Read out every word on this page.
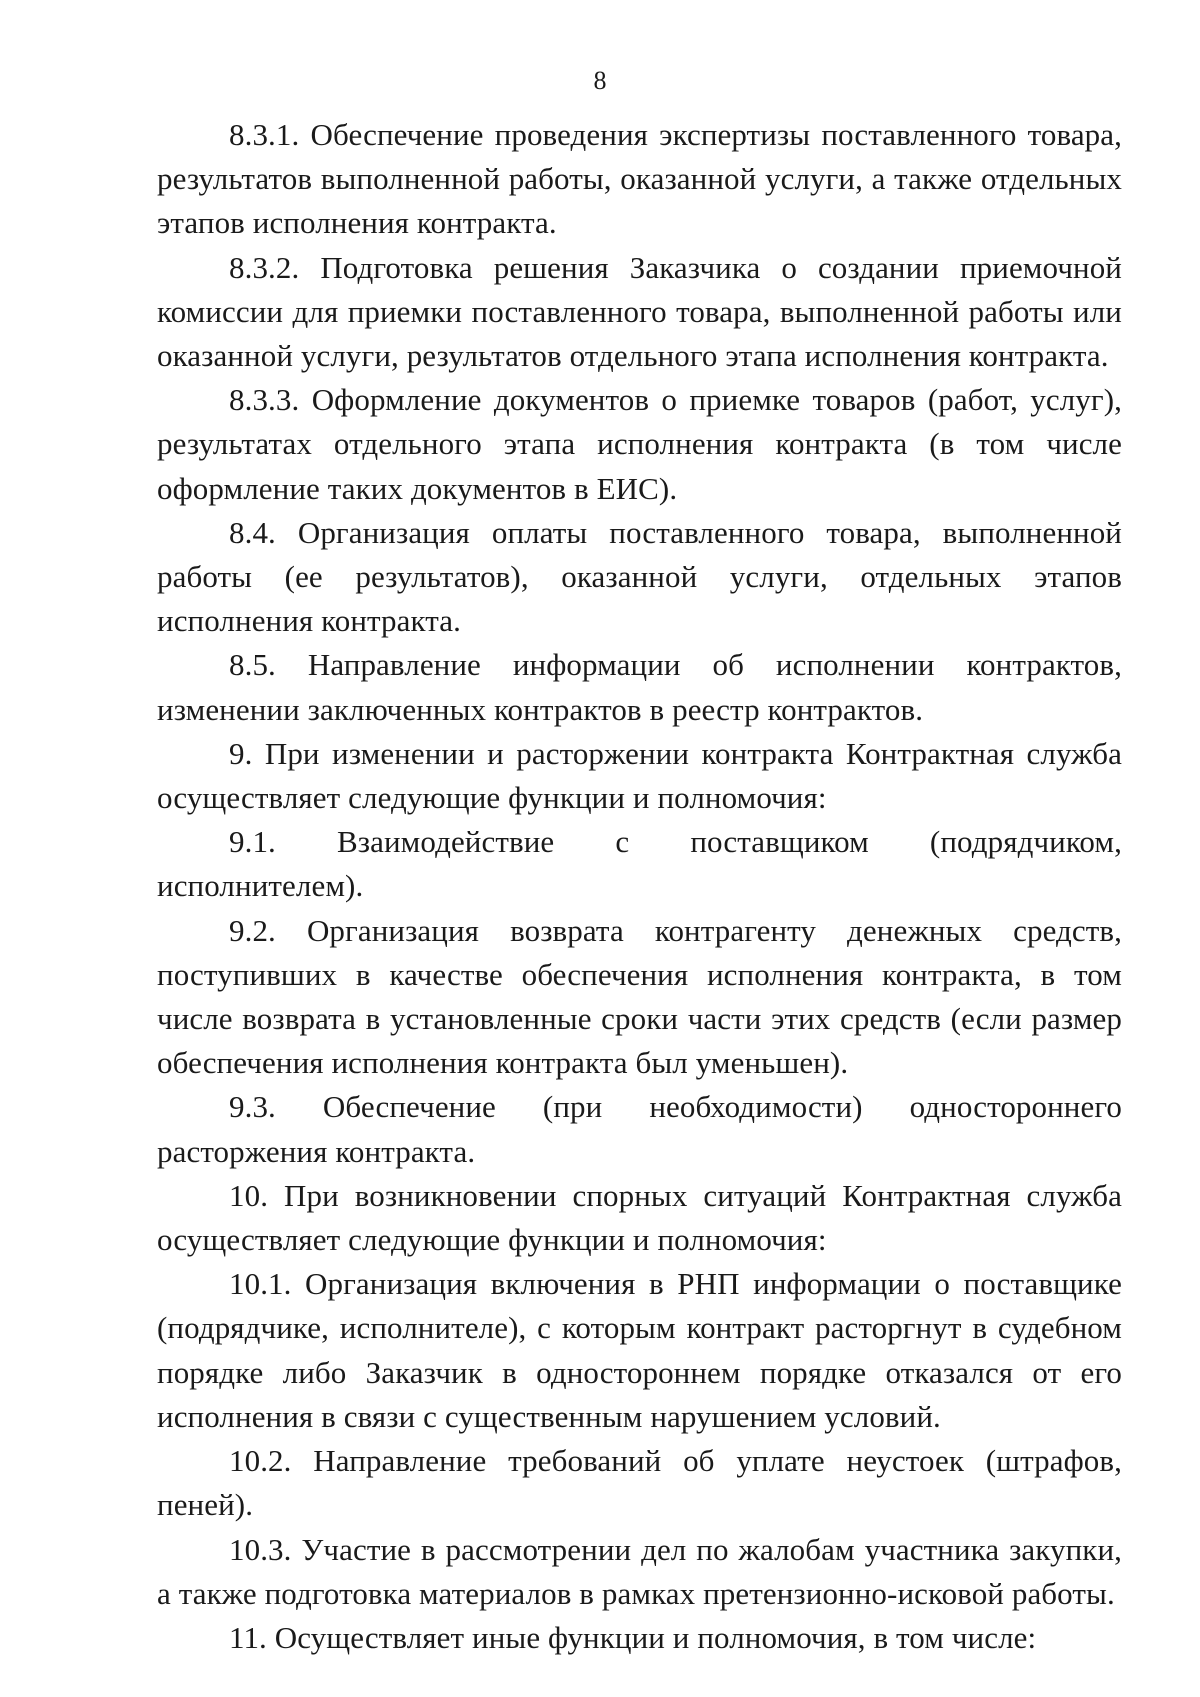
8

8.3.1. Обеспечение проведения экспертизы поставленного товара, результатов выполненной работы, оказанной услуги, а также отдельных этапов исполнения контракта.

8.3.2. Подготовка решения Заказчика о создании приемочной комиссии для приемки поставленного товара, выполненной работы или оказанной услуги, результатов отдельного этапа исполнения контракта.

8.3.3. Оформление документов о приемке товаров (работ, услуг), результатах отдельного этапа исполнения контракта (в том числе оформление таких документов в ЕИС).

8.4. Организация оплаты поставленного товара, выполненной работы (ее результатов), оказанной услуги, отдельных этапов исполнения контракта.

8.5. Направление информации об исполнении контрактов, изменении заключенных контрактов в реестр контрактов.

9. При изменении и расторжении контракта Контрактная служба осуществляет следующие функции и полномочия:

9.1. Взаимодействие с поставщиком (подрядчиком, исполнителем).

9.2. Организация возврата контрагенту денежных средств, поступивших в качестве обеспечения исполнения контракта, в том числе возврата в установленные сроки части этих средств (если размер обеспечения исполнения контракта был уменьшен).

9.3. Обеспечение (при необходимости) одностороннего расторжения контракта.

10. При возникновении спорных ситуаций Контрактная служба осуществляет следующие функции и полномочия:

10.1. Организация включения в РНП информации о поставщике (подрядчике, исполнителе), с которым контракт расторгнут в судебном порядке либо Заказчик в одностороннем порядке отказался от его исполнения в связи с существенным нарушением условий.

10.2. Направление требований об уплате неустоек (штрафов, пеней).

10.3. Участие в рассмотрении дел по жалобам участника закупки, а также подготовка материалов в рамках претензионно-исковой работы.

11. Осуществляет иные функции и полномочия, в том числе:
